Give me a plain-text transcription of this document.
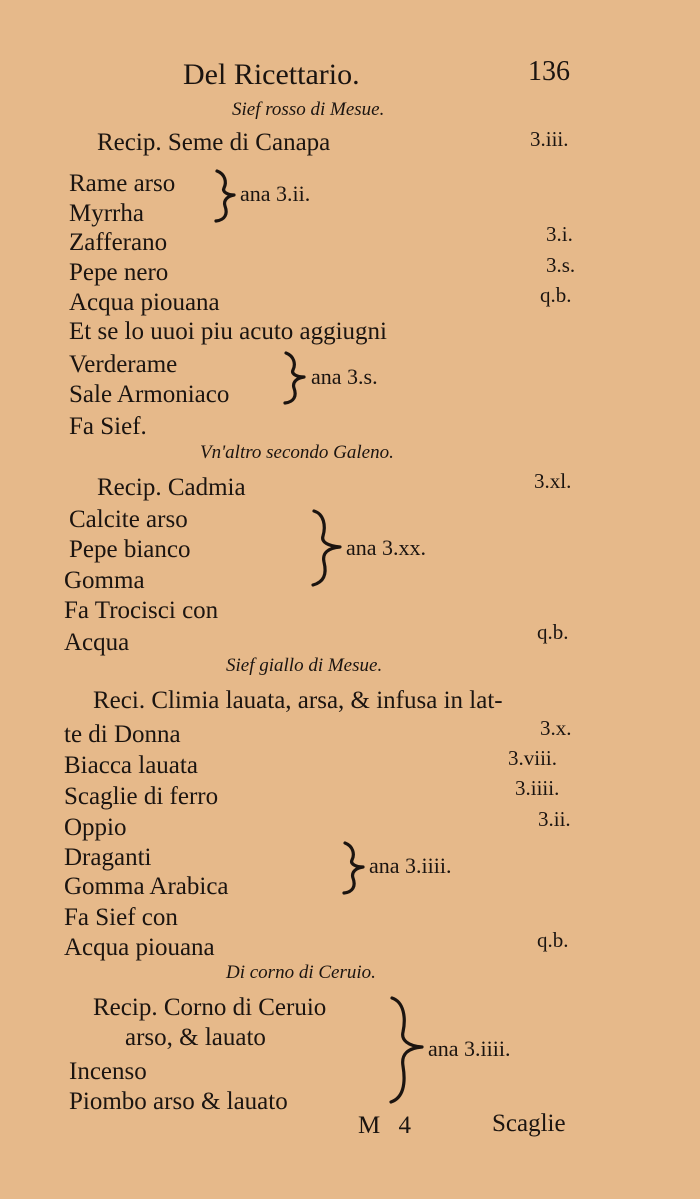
Del Ricettario.	136
Sief rosso di Mesue.
Recip. Seme di Canapa	3.iii.
Rame arso
Myrrha
ana 3.ii.
Zafferano	3.i.
Pepe nero	3.s.
Acqua piouana	q.b.
Et se lo uuoi piu acuto aggiugni
Verderame
Sale Armoniaco
ana 3.s.
Fa Sief.
Vn'altro secondo Galeno.
Recip. Cadmia	3.xl.
Calcite arso
Pepe bianco
Gomma
ana 3.xx.
Fa Trocisci con
Acqua	q.b.
Sief giallo di Mesue.
Reci. Climia lauata, arsa, & infusa in lat-
te di Donna	3.x.
Biacca lauata	3.viii.
Scaglie di ferro	3.iiii.
Oppio	3.ii.
Draganti
Gomma Arabica
ana 3.iiii.
Fa Sief con
Acqua piouana	q.b.
Di corno di Ceruio.
Recip. Corno di Ceruio
arso, & lauato
Incenso
Piombo arso & lauato
ana 3.iiii.
M 4	Scaglie
